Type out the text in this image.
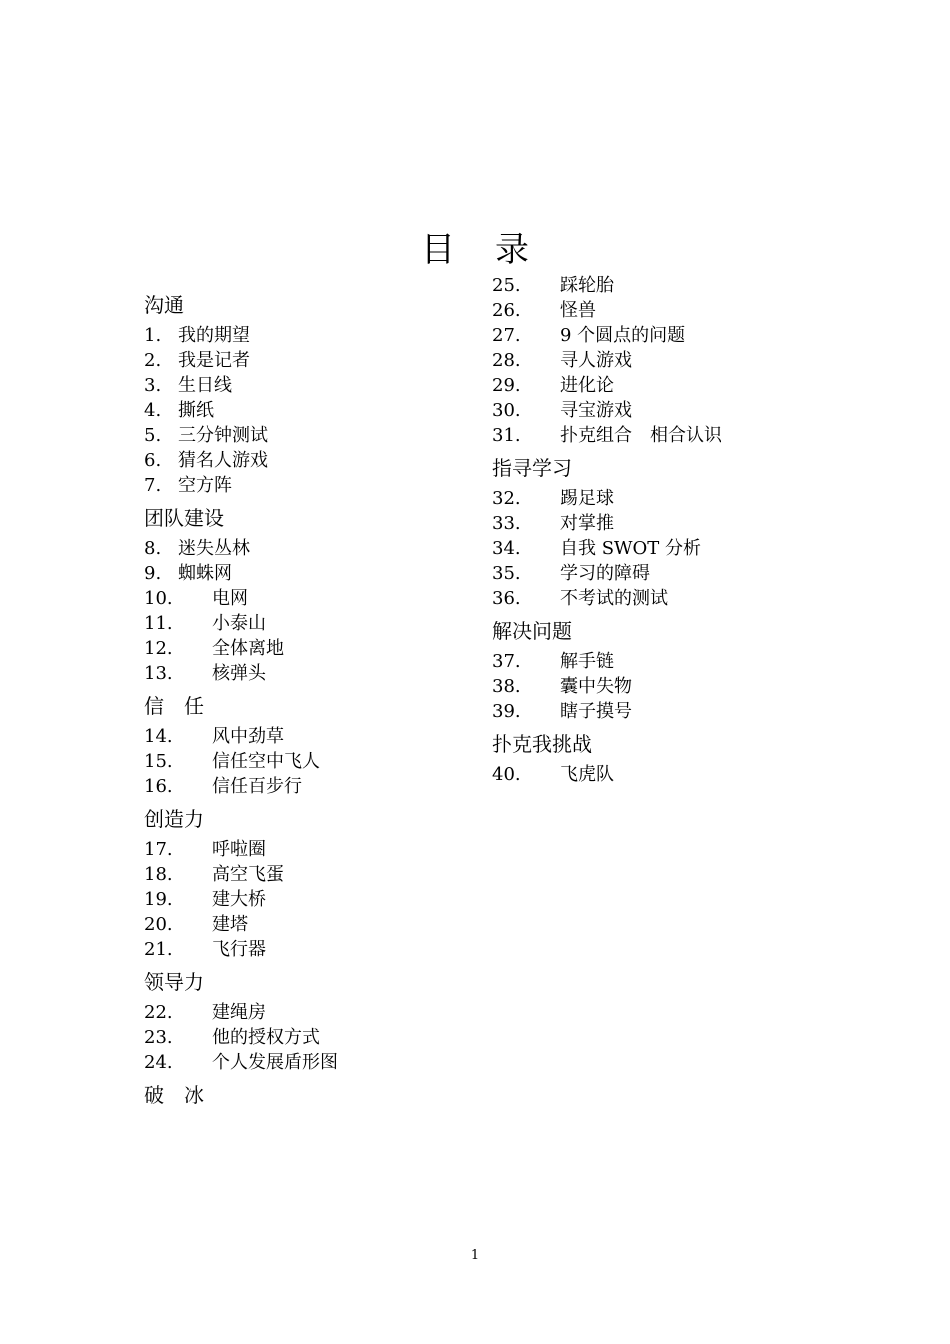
目录
沟通
1. 我的期望
2. 我是记者
3. 生日线
4. 撕纸
5. 三分钟测试
6. 猜名人游戏
7. 空方阵
团队建设
8. 迷失丛林
9. 蜘蛛网
10.	电网
11.	小泰山
12.	全体离地
13.	核弹头
信任
14.	风中劲草
15.	信任空中飞人
16.	信任百步行
创造力
17.	呼啦圈
18.	高空飞蛋
19.	建大桥
20.	建塔
21.	飞行器
领导力
22.	建绳房
23.	他的授权方式
24.	个人发展盾形图
破冰
25.	踩轮胎
26.	怪兽
27.	9 个圆点的问题
28.	寻人游戏
29.	进化论
30.	寻宝游戏
31.	扑克组合　相合认识
指寻学习
32.	踢足球
33.	对掌推
34.	自我 SWOT 分析
35.	学习的障碍
36.	不考试的测试
解决问题
37.	解手链
38.	囊中失物
39.	瞎子摸号
扑克我挑战
40.	飞虎队
1
